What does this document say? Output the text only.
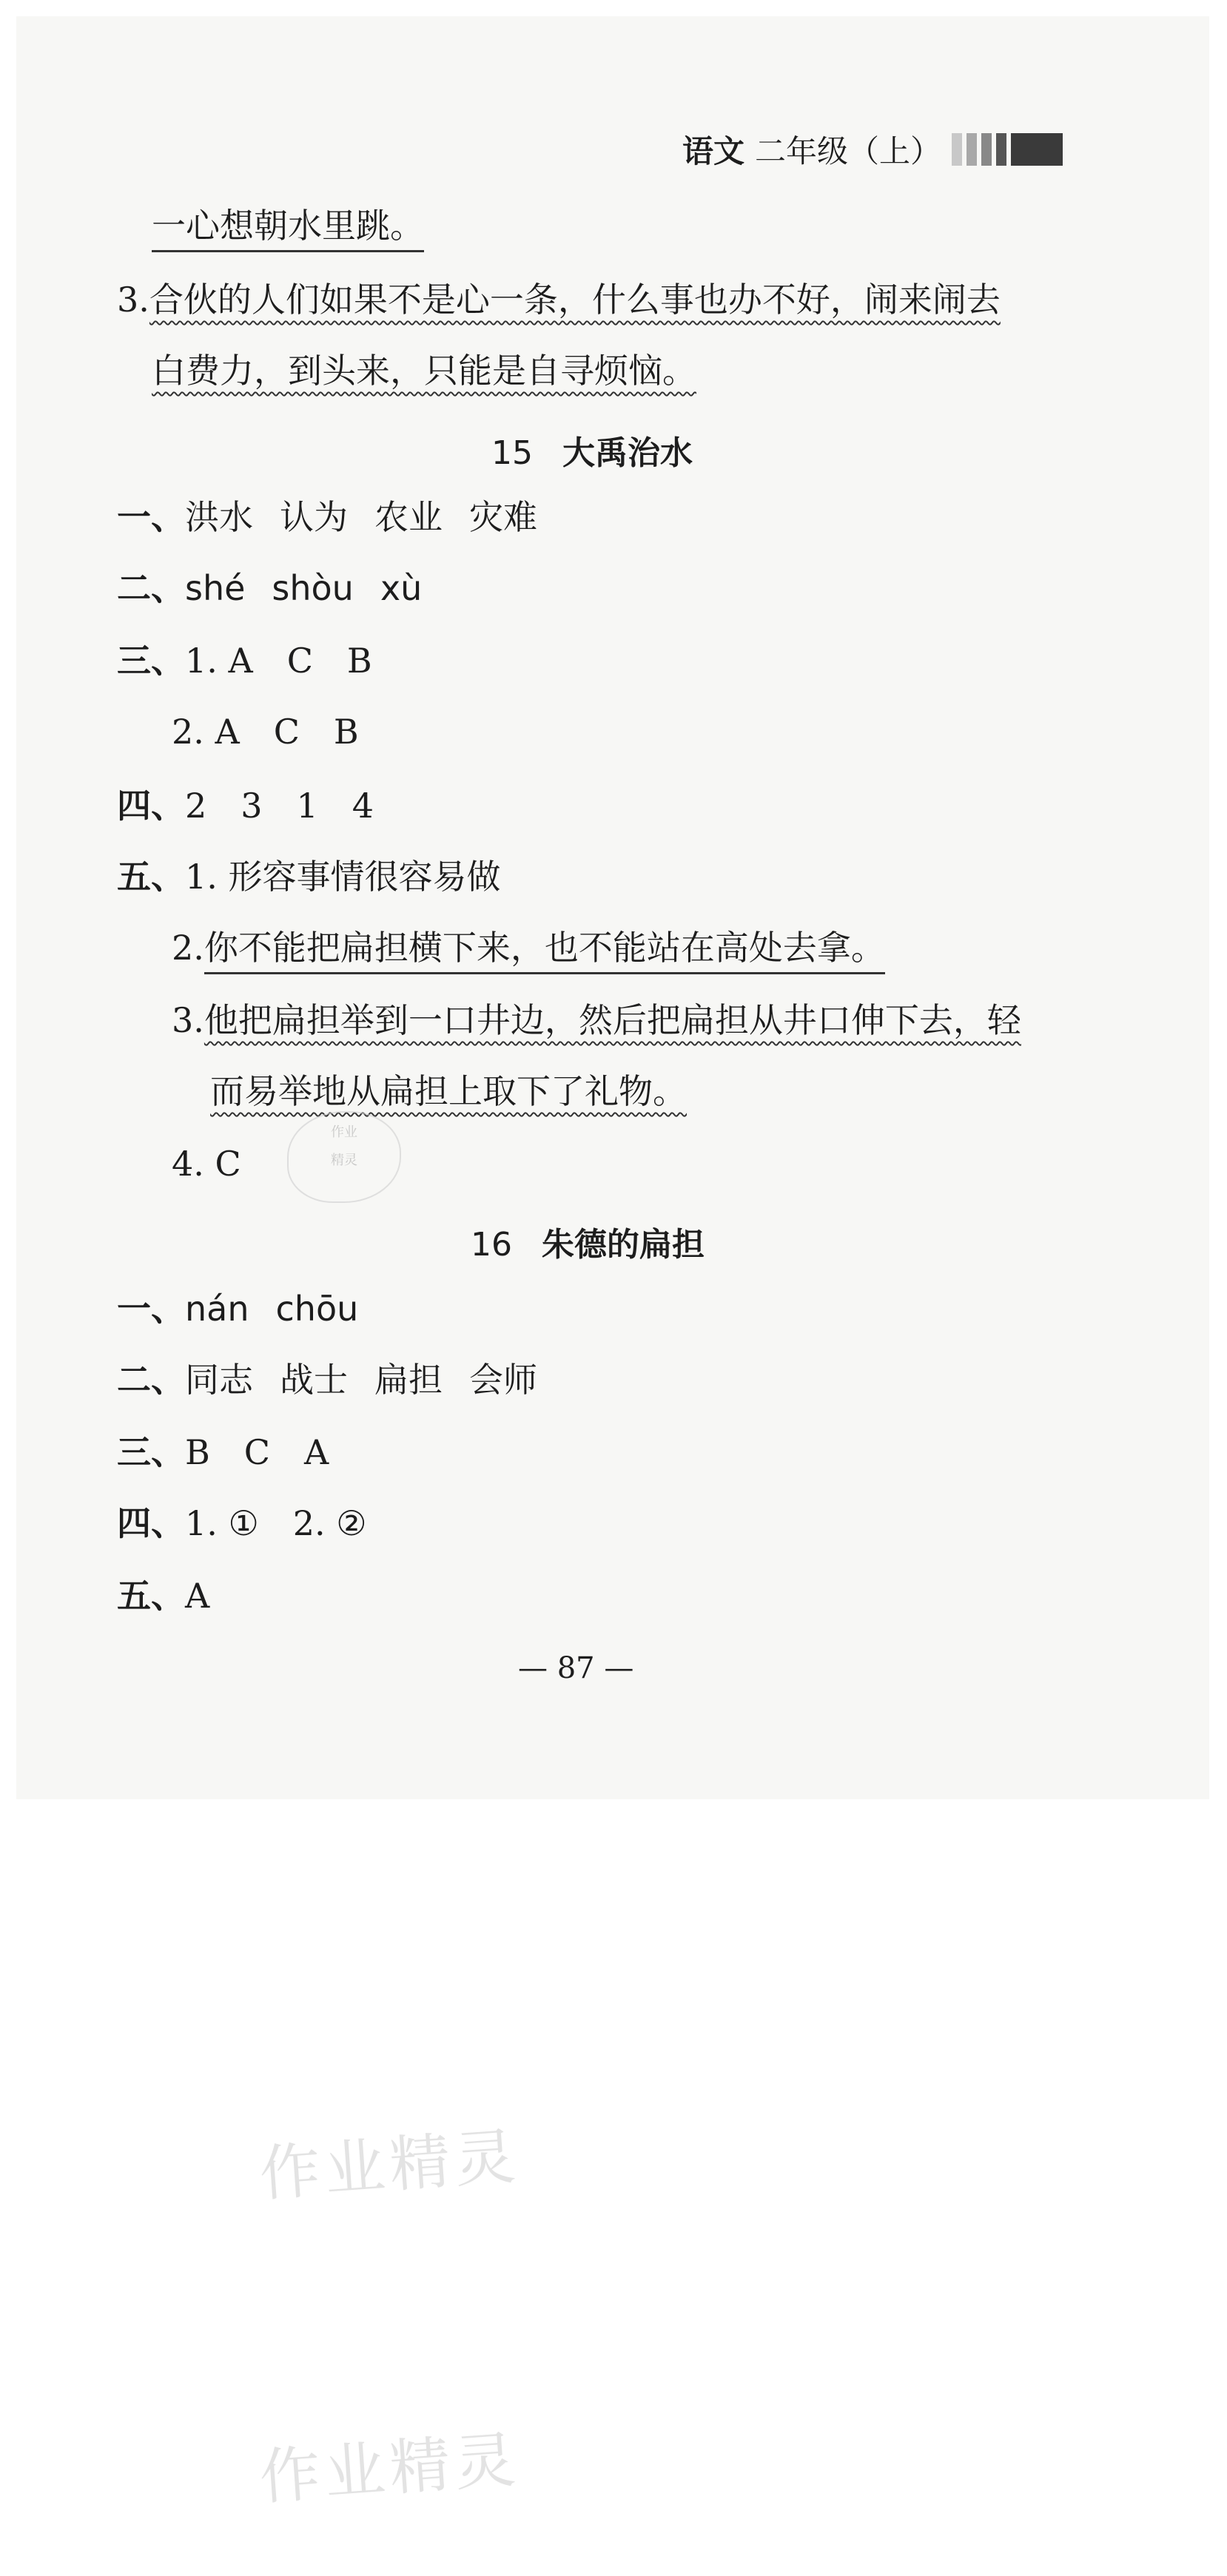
语文 二年级（上）
一心想朝水里跳。
3.合伙的人们如果不是心一条，什么事也办不好，闹来闹去
白费力，到头来，只能是自寻烦恼。
15 大禹治水
一、洪水 认为 农业 灾难
二、shé shòu xù
三、1. A　C　B
2. A　C　B
四、2　3　1　4
五、1. 形容事情很容易做
2.你不能把扁担横下来，也不能站在高处去拿。
3.他把扁担举到一口井边，然后把扁担从井口伸下去，轻
而易举地从扁担上取下了礼物。
4. C
作业
精灵
16 朱德的扁担
一、nán chōu
二、同志 战士 扁担 会师
三、B　C　A
四、1. ①　2. ②
五、A
— 87 —
作业精灵
作业精灵
